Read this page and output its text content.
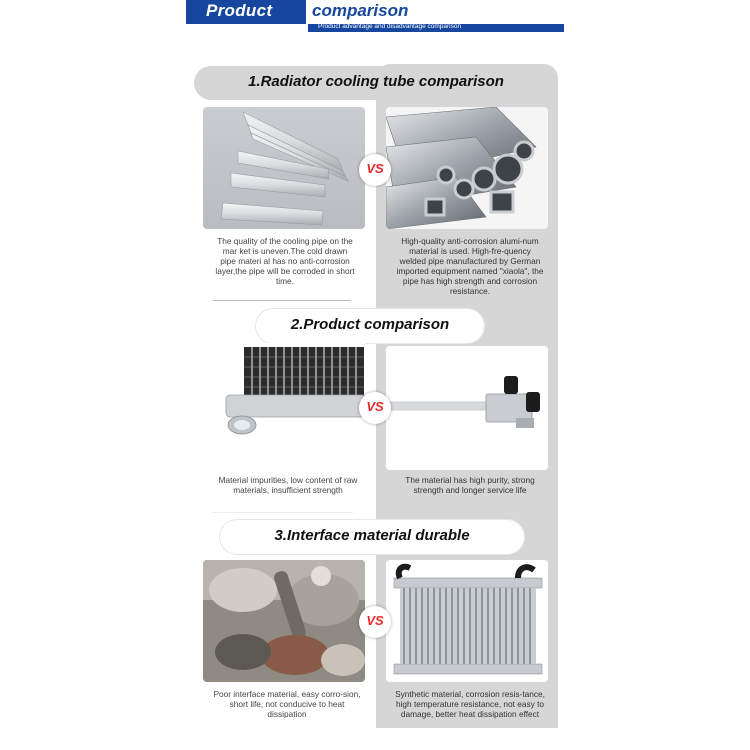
Product comparison
Product advantage and disadvantage comparison
1.Radiator cooling tube comparison
VS
The quality of the cooling pipe on the mar ket is uneven.The cold drawn pipe materi al has no anti-corrosion layer,the pipe will be corroded in short time.
High-quality anti-corrosion alumi-num material is used. High-fre-quency welded pipe manufactured by German imported equipment named "xiaola", the pipe has high strength and corrosion resistance.
2.Product comparison
VS
Material impurities, low content of raw materials, insufficient strength
The material has high purity, strong strength and longer service life
3.Interface material durable
VS
Poor interface material, easy corro-sion, short life, not conducive to heat dissipation
Synthetic material, corrosion resis-tance, high temperature resistance, not easy to damage, better heat dissipation effect
